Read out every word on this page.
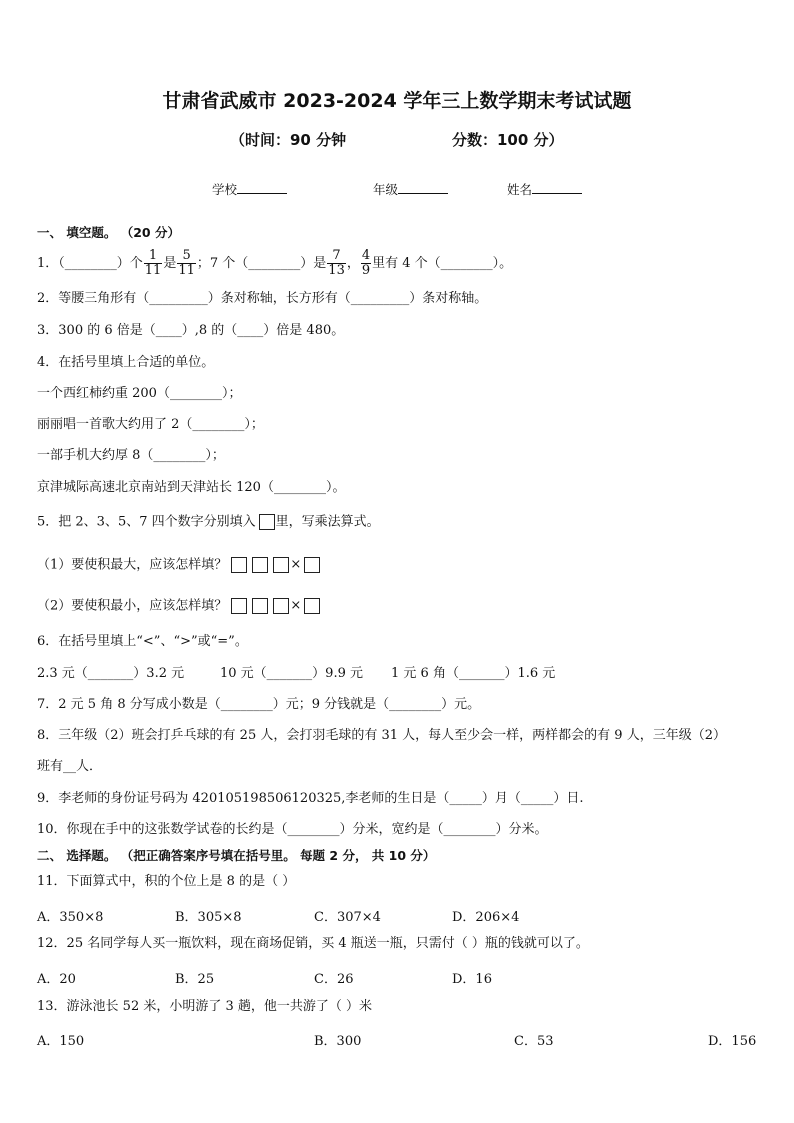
甘肃省武威市 2023-2024 学年三上数学期末考试试题
（时间：90 分钟	分数：100 分）
学校	年级	姓名
一、 填空题。 （20 分）
1．（________）个 $\frac{1}{11}$ 是 $\frac{5}{11}$ ；7 个（________）是 $\frac{7}{13}$ ， $\frac{4}{9}$ 里有 4 个（________）。
2．等腰三角形有（_________）条对称轴，长方形有（_________）条对称轴。
3．300 的 6 倍是（____）,8 的（____）倍是 480。
4．在括号里填上合适的单位。
一个西红柿约重 200（________）；
丽丽唱一首歌大约用了 2（________）；
一部手机大约厚 8（________）；
京津城际高速北京南站到天津站长 120（________）。
5．把 2、3、5、7 四个数字分别填入 里，写乘法算式。
（1）要使积最大，应该怎样填？	×
（2）要使积最小，应该怎样填？	×
6．在括号里填上“<”、“>”或“=”。
2.3 元（_______）3.2 元	10 元（_______）9.9 元 1 元 6 角（_______）1.6 元
7．2 元 5 角 8 分写成小数是（________）元；9 分钱就是（________）元。
8．三年级（2）班会打乒乓球的有 25 人，会打羽毛球的有 31 人，每人至少会一样，两样都会的有 9 人，三年级（2）
班有__人．
9．李老师的身份证号码为 420105198506120325,李老师的生日是（_____）月（_____）日.
10．你现在手中的这张数学试卷的长约是（________）分米，宽约是（________）分米。
二、 选择题。 （把正确答案序号填在括号里。 每题 2 分， 共 10 分）
11．下面算式中，积的个位上是 8 的是（ ）
A．350×8	B．305×8	C．307×4	D．206×4
12．25 名同学每人买一瓶饮料，现在商场促销，买 4 瓶送一瓶，只需付（ ）瓶的钱就可以了。
A．20	B．25	C．26	D．16
13．游泳池长 52 米，小明游了 3 趟，他一共游了（ ）米
A．150	B．300	C．53	D．156
